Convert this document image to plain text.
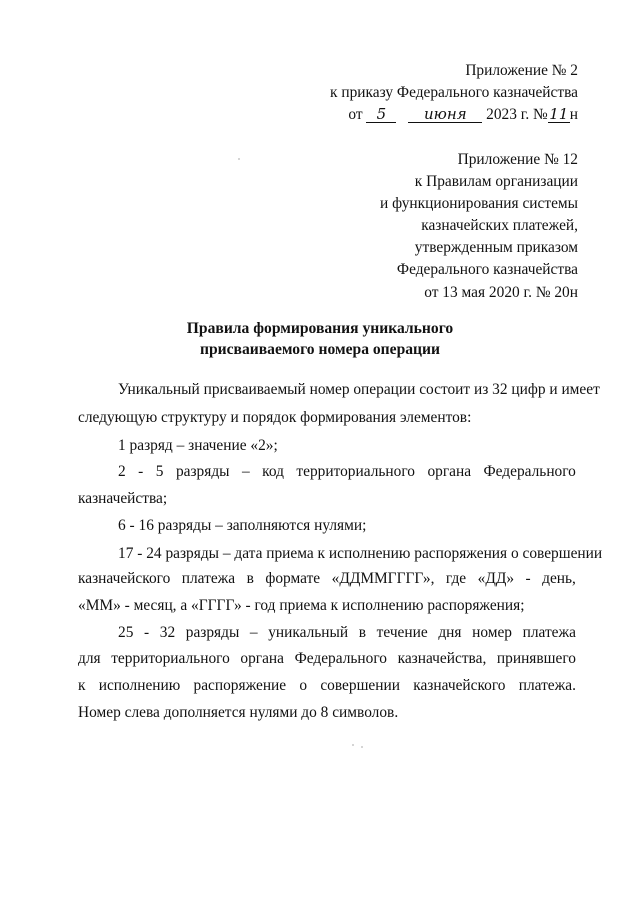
Приложение № 2
к приказу Федерального казначейства
от 5	июня 2023 г. №11н
Приложение № 12
к Правилам организации
и функционирования системы
казначейских платежей,
утвержденным приказом
Федерального казначейства
от 13 мая 2020 г. № 20н
Правила формирования уникального
присваиваемого номера операции
Уникальный присваиваемый номер операции состоит из 32 цифр и имеет
следующую структуру и порядок формирования элементов:
1 разряд – значение «2»;
2 - 5 разряды – код территориального органа Федерального
казначейства;
6 - 16 разряды – заполняются нулями;
17 - 24 разряды – дата приема к исполнению распоряжения о совершении
казначейского платежа в формате «ДДММГГГГ», где «ДД» - день,
«ММ» - месяц, а «ГГГГ» - год приема к исполнению распоряжения;
25 - 32 разряды – уникальный в течение дня номер платежа
для территориального органа Федерального казначейства, принявшего
к исполнению распоряжение о совершении казначейского платежа.
Номер слева дополняется нулями до 8 символов.
